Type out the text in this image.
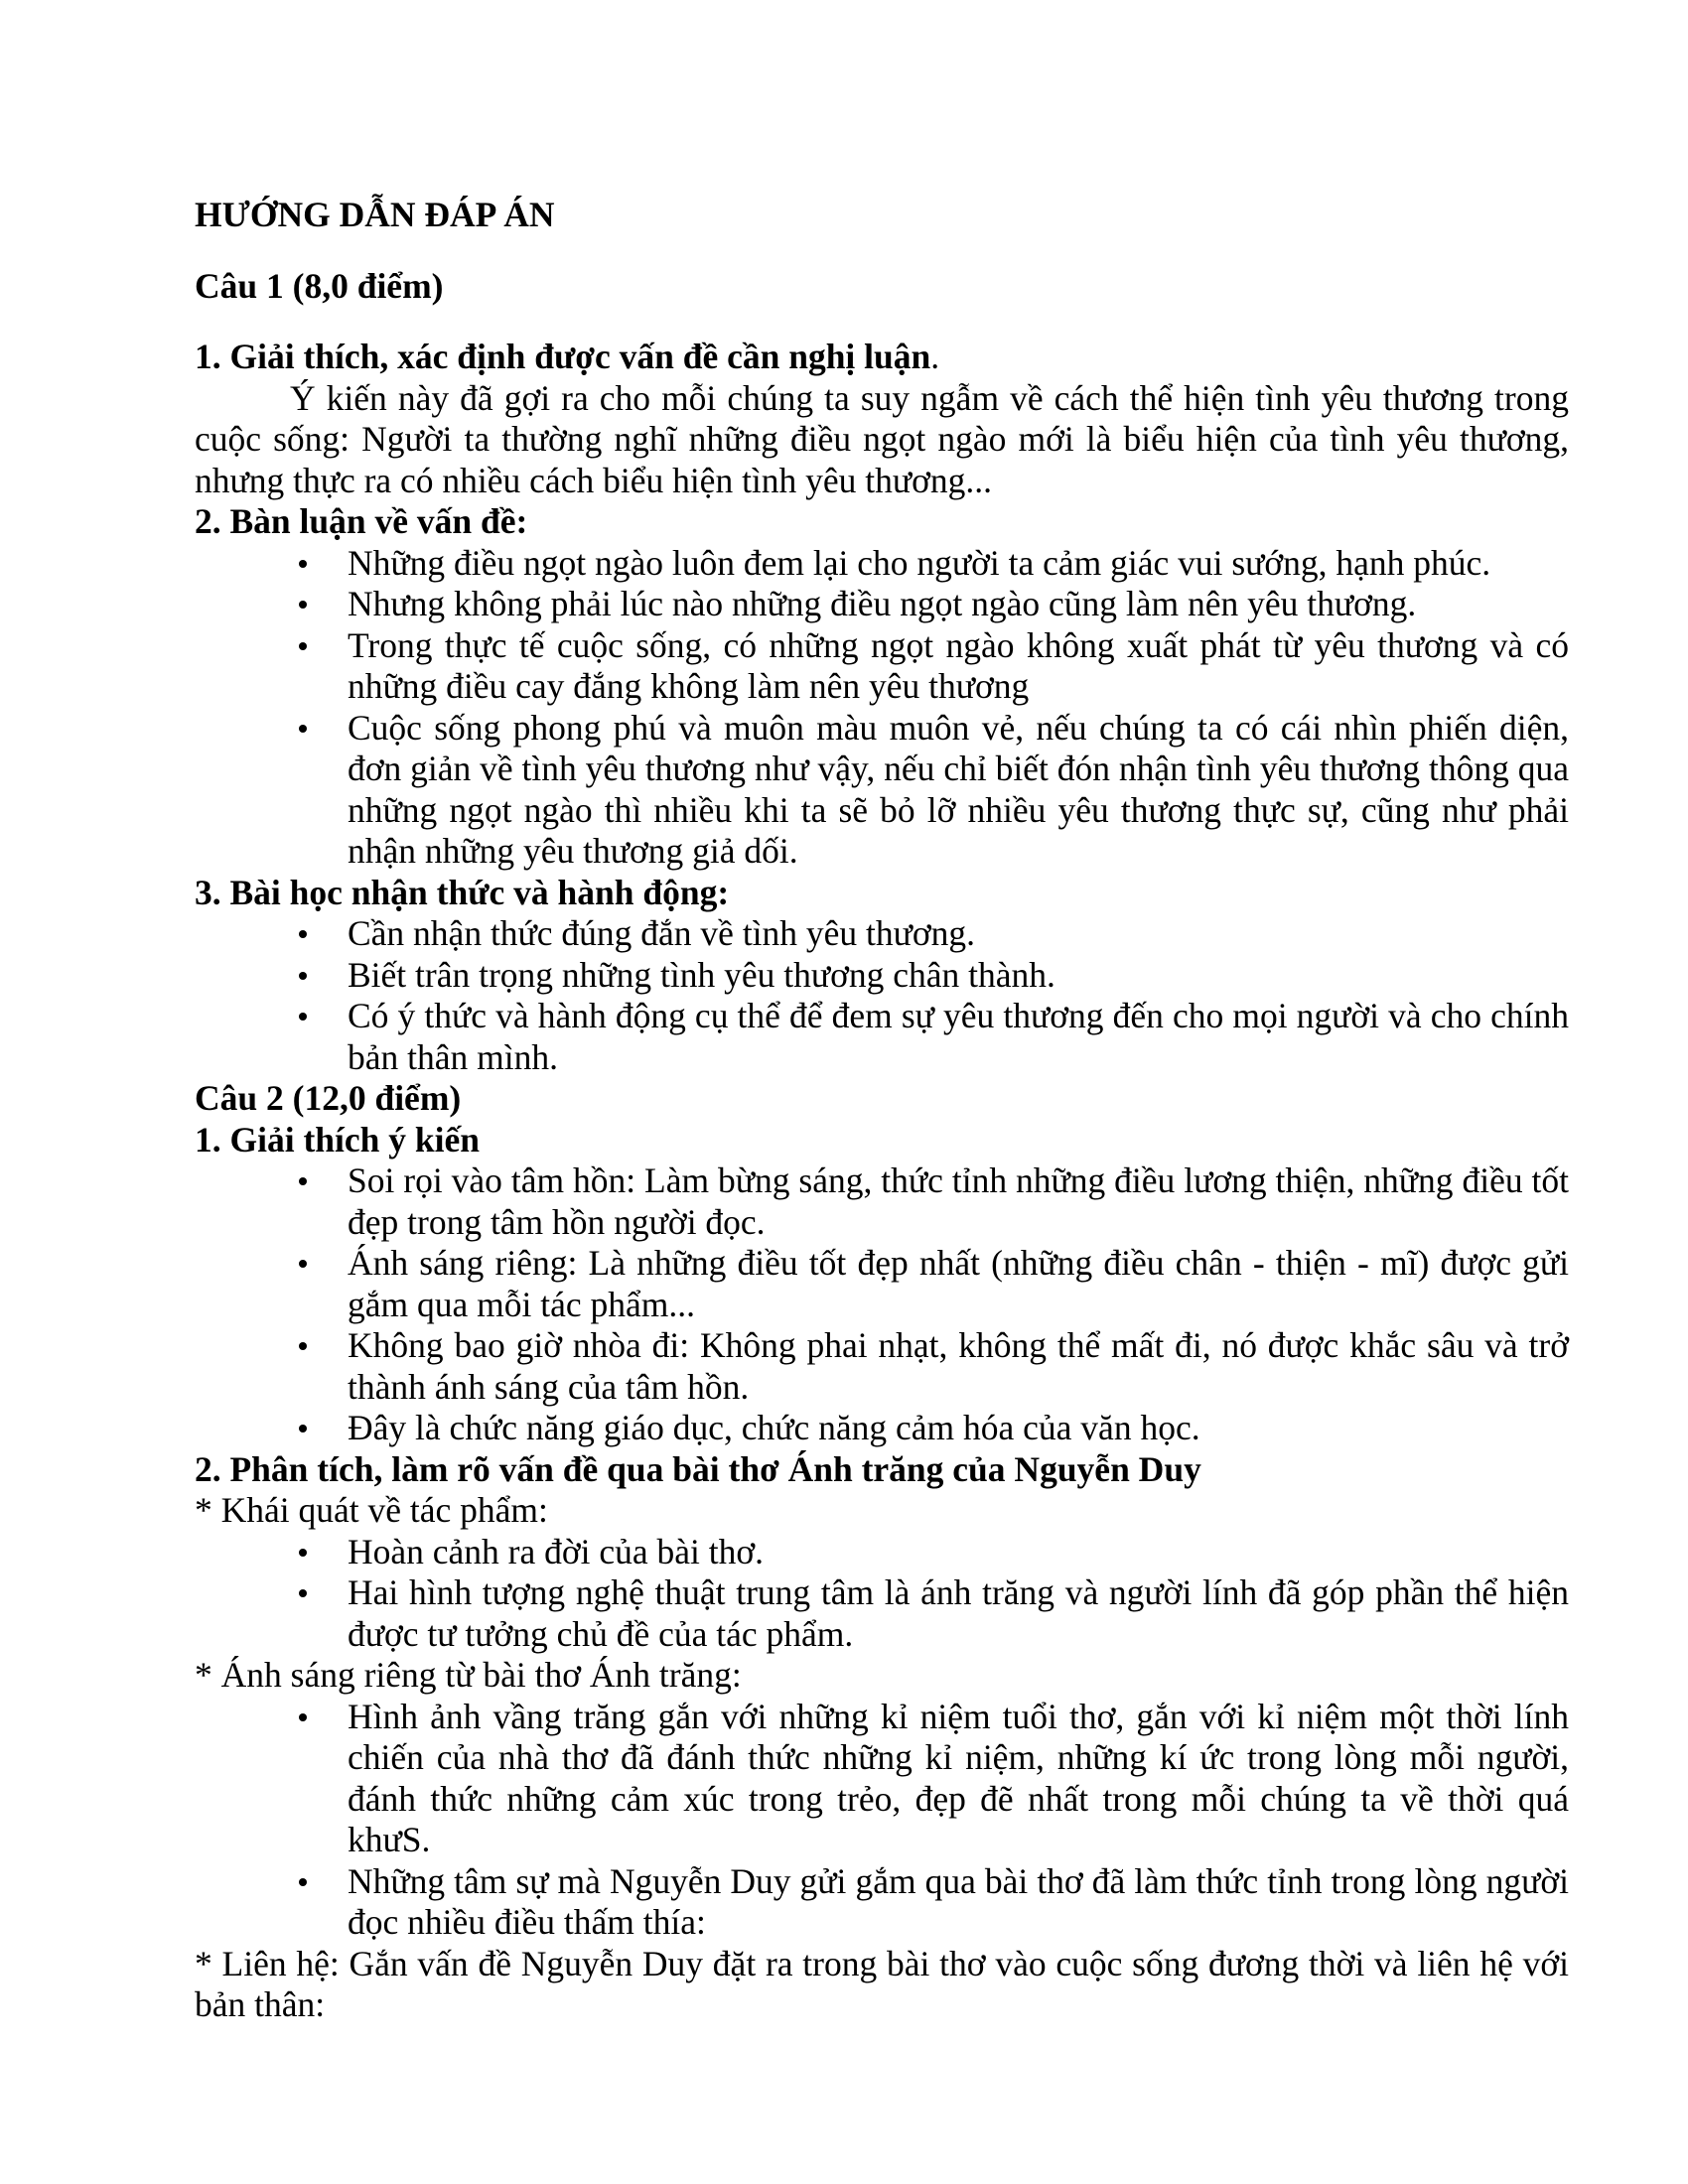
HƯỚNG DẪN ĐÁP ÁN
Câu 1 (8,0 điểm)
1. Giải thích, xác định được vấn đề cần nghị luận.

Ý kiến này đã gợi ra cho mỗi chúng ta suy ngẫm về cách thể hiện tình yêu thương trong cuộc sống: Người ta thường nghĩ những điều ngọt ngào mới là biểu hiện của tình yêu thương, nhưng thực ra có nhiều cách biểu hiện tình yêu thương...

2. Bàn luận về vấn đề:
Những điều ngọt ngào luôn đem lại cho người ta cảm giác vui sướng, hạnh phúc.
Nhưng không phải lúc nào những điều ngọt ngào cũng làm nên yêu thương.
Trong thực tế cuộc sống, có những ngọt ngào không xuất phát từ yêu thương và có những điều cay đắng không làm nên yêu thương
Cuộc sống phong phú và muôn màu muôn vẻ, nếu chúng ta có cái nhìn phiến diện, đơn giản về tình yêu thương như vậy, nếu chỉ biết đón nhận tình yêu thương thông qua những ngọt ngào thì nhiều khi ta sẽ bỏ lỡ nhiều yêu thương thực sự, cũng như phải nhận những yêu thương giả dối.
3. Bài học nhận thức và hành động:
Cần nhận thức đúng đắn về tình yêu thương.
Biết trân trọng những tình yêu thương chân thành.
Có ý thức và hành động cụ thể để đem sự yêu thương đến cho mọi người và cho chính bản thân mình.
Câu 2 (12,0 điểm)
1. Giải thích ý kiến
Soi rọi vào tâm hồn: Làm bừng sáng, thức tỉnh những điều lương thiện, những điều tốt đẹp trong tâm hồn người đọc.
Ánh sáng riêng: Là những điều tốt đẹp nhất (những điều chân - thiện - mĩ) được gửi gắm qua mỗi tác phẩm...
Không bao giờ nhòa đi: Không phai nhạt, không thể mất đi, nó được khắc sâu và trở thành ánh sáng của tâm hồn.
Đây là chức năng giáo dục, chức năng cảm hóa của văn học.
2. Phân tích, làm rõ vấn đề qua bài thơ Ánh trăng của Nguyễn Duy
* Khái quát về tác phẩm:
Hoàn cảnh ra đời của bài thơ.
Hai hình tượng nghệ thuật trung tâm là ánh trăng và người lính đã góp phần thể hiện được tư tưởng chủ đề của tác phẩm.
* Ánh sáng riêng từ bài thơ Ánh trăng:
Hình ảnh vầng trăng gắn với những kỉ niệm tuổi thơ, gắn với kỉ niệm một thời lính chiến của nhà thơ đã đánh thức những kỉ niệm, những kí ức trong lòng mỗi người, đánh thức những cảm xúc trong trẻo, đẹp đẽ nhất trong mỗi chúng ta về thời quá khưS.
Những tâm sự mà Nguyễn Duy gửi gắm qua bài thơ đã làm thức tỉnh trong lòng người đọc nhiều điều thấm thía:
* Liên hệ: Gắn vấn đề Nguyễn Duy đặt ra trong bài thơ vào cuộc sống đương thời và liên hệ với bản thân:
